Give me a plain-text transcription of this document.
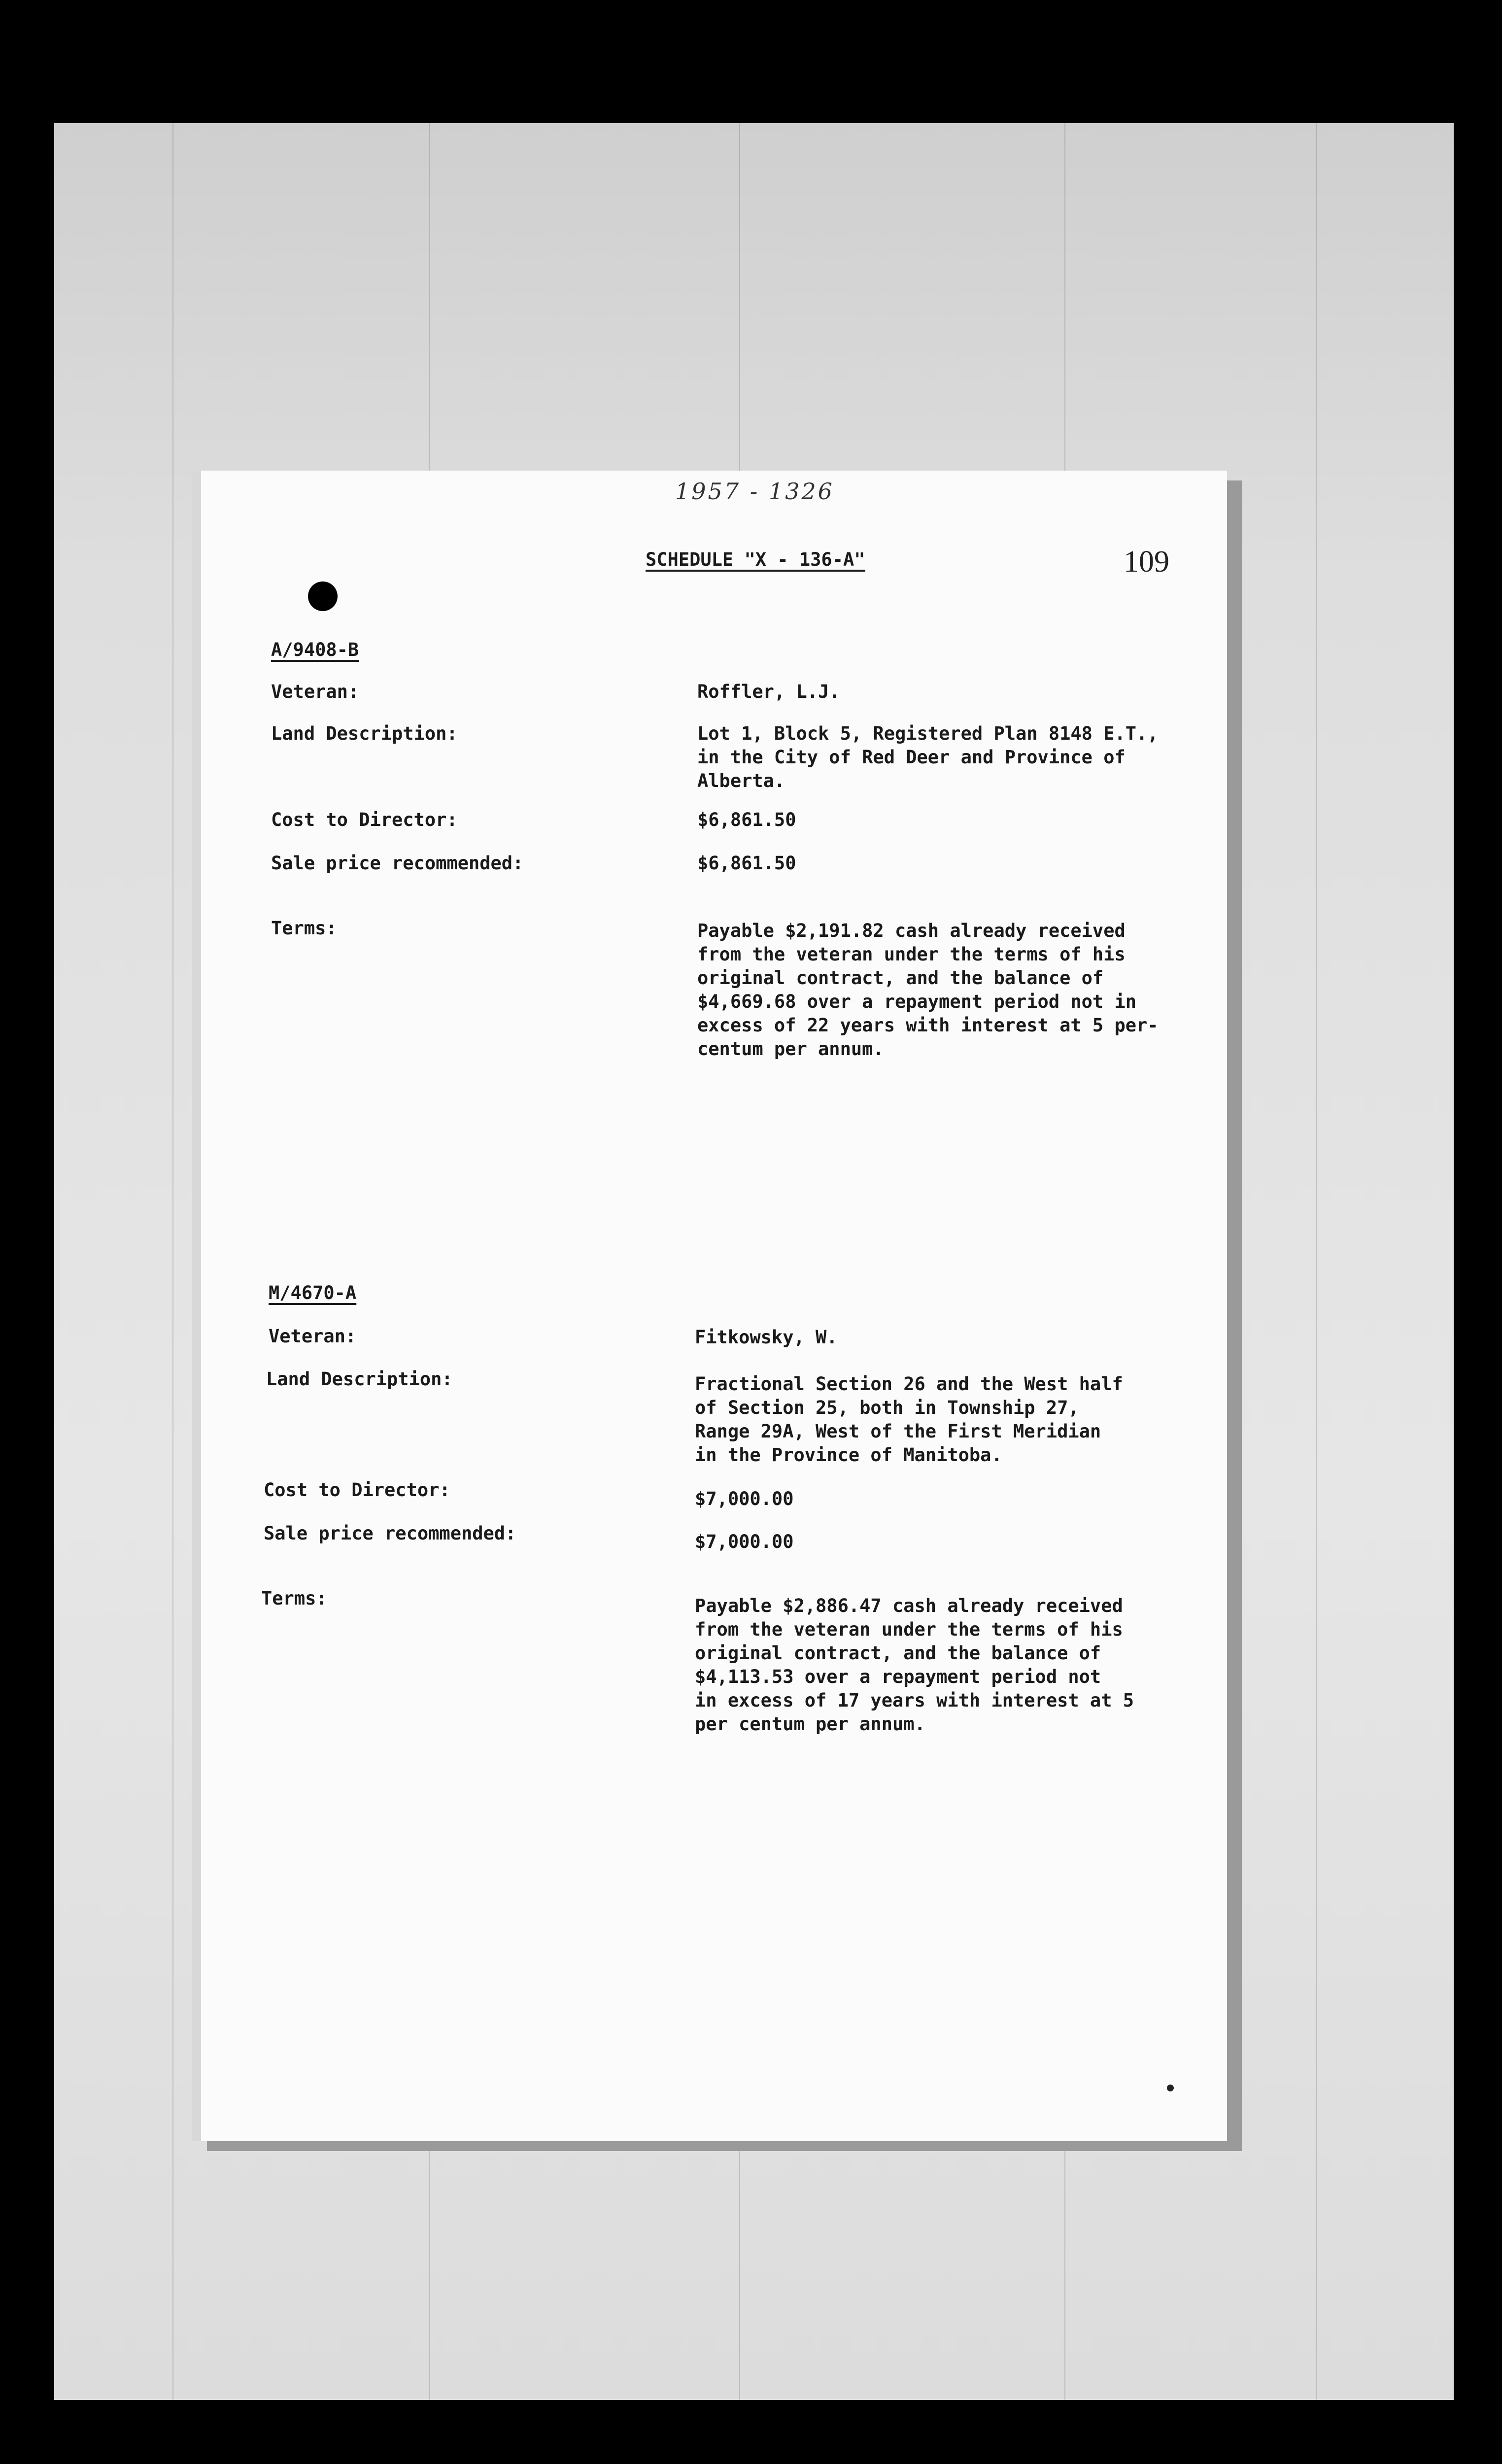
1957 - 1326
109
SCHEDULE "X - 136-A"
A/9408-B
Veteran:	Roffler, L.J.
Land Description:	Lot 1, Block 5, Registered Plan 8148 E.T.,
in the City of Red Deer and Province of
Alberta.
Cost to Director:	$6,861.50
Sale price recommended:	$6,861.50
Terms:	Payable $2,191.82 cash already received
from the veteran under the terms of his
original contract, and the balance of
$4,669.68 over a repayment period not in
excess of 22 years with interest at 5 per-
centum per annum.
M/4670-A
Veteran:	Fitkowsky, W.
Land Description:	Fractional Section 26 and the West half
of Section 25, both in Township 27,
Range 29A, West of the First Meridian
in the Province of Manitoba.
Cost to Director:	$7,000.00
Sale price recommended:	$7,000.00
Terms:	Payable $2,886.47 cash already received
from the veteran under the terms of his
original contract, and the balance of
$4,113.53 over a repayment period not
in excess of 17 years with interest at 5
per centum per annum.
